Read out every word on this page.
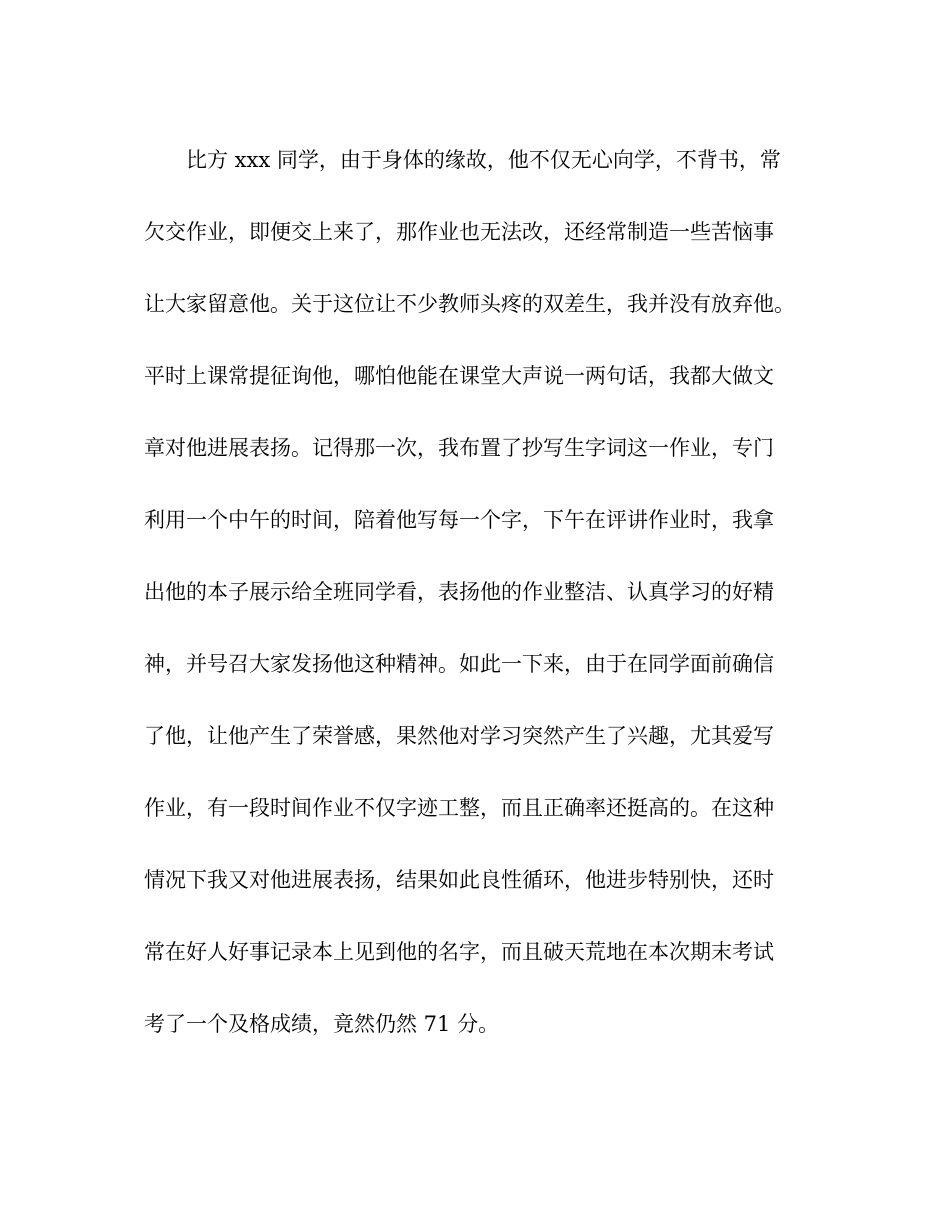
比方 xxx 同学，由于身体的缘故，他不仅无心向学，不背书，常
欠交作业，即便交上来了，那作业也无法改，还经常制造一些苦恼事
让大家留意他。关于这位让不少教师头疼的双差生，我并没有放弃他。
平时上课常提征询他，哪怕他能在课堂大声说一两句话，我都大做文
章对他进展表扬。记得那一次，我布置了抄写生字词这一作业，专门
利用一个中午的时间，陪着他写每一个字，下午在评讲作业时，我拿
出他的本子展示给全班同学看，表扬他的作业整洁、认真学习的好精
神，并号召大家发扬他这种精神。如此一下来，由于在同学面前确信
了他，让他产生了荣誉感，果然他对学习突然产生了兴趣，尤其爱写
作业，有一段时间作业不仅字迹工整，而且正确率还挺高的。在这种
情况下我又对他进展表扬，结果如此良性循环，他进步特别快，还时
常在好人好事记录本上见到他的名字，而且破天荒地在本次期末考试
考了一个及格成绩，竟然仍然 71 分。
